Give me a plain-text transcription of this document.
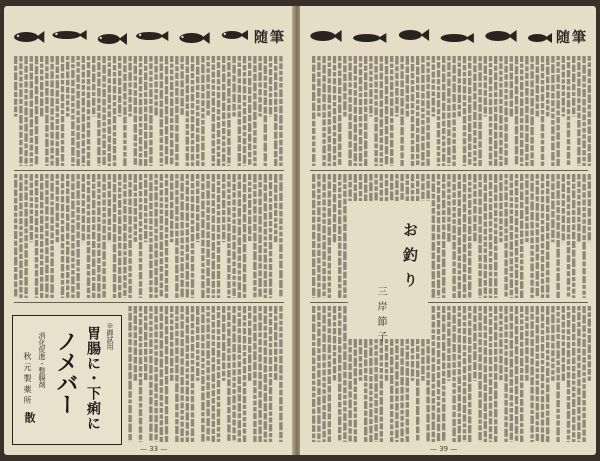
随筆	随筆
お釣り
三岸節子
※御試用
胃腸に・下痢に
ノメバー
消化促進・整腸剤
秋元製薬所
散
— 33 —	— 39 —
